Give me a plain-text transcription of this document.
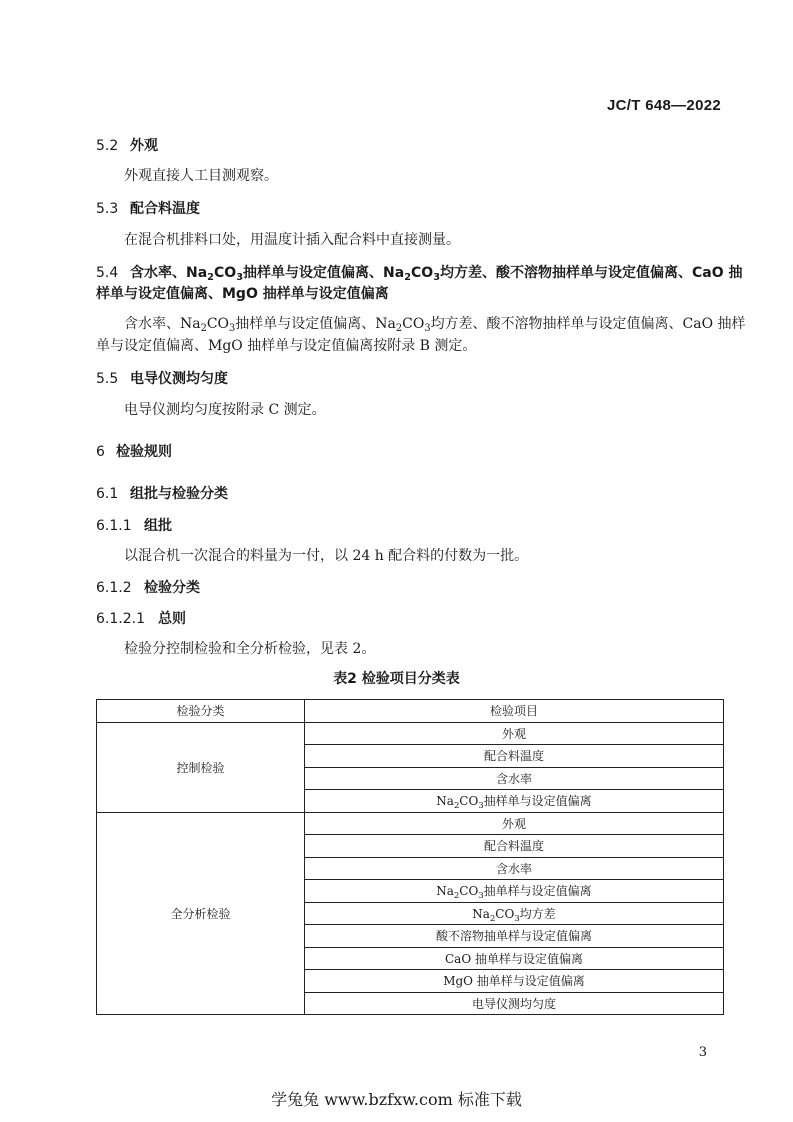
JC/T 648—2022
5.2 外观
外观直接人工目测观察。
5.3 配合料温度
在混合机排料口处，用温度计插入配合料中直接测量。
5.4 含水率、$Na_2CO_3$抽样单与设定值偏离、$Na_2CO_3$均方差、酸不溶物抽样单与设定值偏离、CaO 抽
样单与设定值偏离、MgO 抽样单与设定值偏离
含水率、$Na_2CO_3$抽样单与设定值偏离、$Na_2CO_3$均方差、酸不溶物抽样单与设定值偏离、CaO 抽样
单与设定值偏离、MgO 抽样单与设定值偏离按附录 B 测定。
5.5 电导仪测均匀度
电导仪测均匀度按附录 C 测定。
6 检验规则
6.1 组批与检验分类
6.1.1 组批
以混合机一次混合的料量为一付，以 24 h 配合料的付数为一批。
6.1.2 检验分类
6.1.2.1 总则
检验分控制检验和全分析检验，见表 2。
表2 检验项目分类表
检验分类	检验项目
控制检验	外观
	配合料温度
	含水率
	$Na_2CO_3$抽样单与设定值偏离
全分析检验	外观
	配合料温度
	含水率
	$Na_2CO_3$抽单样与设定值偏离
	$Na_2CO_3$均方差
	酸不溶物抽单样与设定值偏离
	CaO 抽单样与设定值偏离
	MgO 抽单样与设定值偏离
	电导仪测均匀度
3
学兔兔 www.bzfxw.com 标准下载
